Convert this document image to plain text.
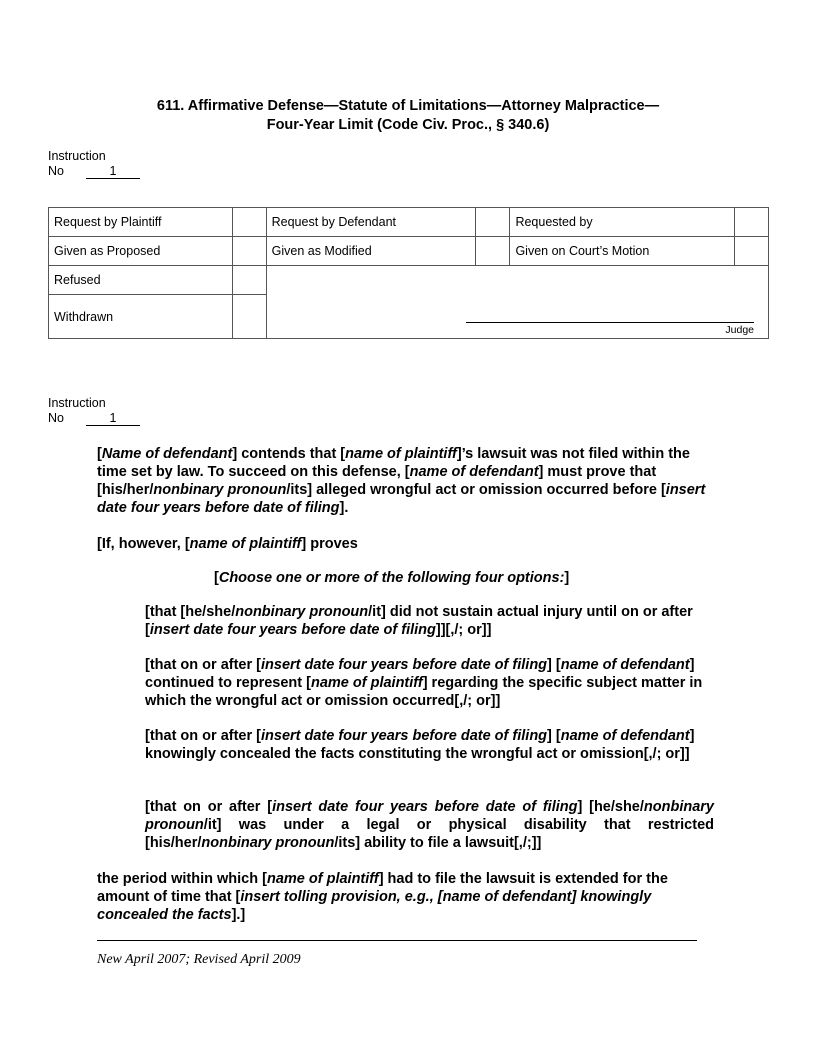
611. Affirmative Defense—Statute of Limitations—Attorney Malpractice—
Four-Year Limit (Code Civ. Proc., § 340.6)
Instruction
No	1
Request by Plaintiff		Request by Defendant		Requested by	
Given as Proposed		Given as Modified		Given on Court’s Motion	
Refused		Judge			

Withdrawn					
Instruction
No	1

[Name of defendant] contends that [name of plaintiff]’s lawsuit was not filed within the time set by law. To succeed on this defense, [name of defendant] must prove that [his/her/nonbinary pronoun/its] alleged wrongful act or omission occurred before [insert date four years before date of filing].

[If, however, [name of plaintiff] proves

[Choose one or more of the following four options:]

[that [he/she/nonbinary pronoun/it] did not sustain actual injury until on or after [insert date four years before date of filing]][,/; or]]

[that on or after [insert date four years before date of filing] [name of defendant] continued to represent [name of plaintiff] regarding the specific subject matter in which the wrongful act or omission occurred[,/; or]]

[that on or after [insert date four years before date of filing] [name of defendant] knowingly concealed the facts constituting the wrongful act or omission[,/; or]]

[that on or after [insert date four years before date of filing] [he/she/nonbinary pronoun/it] was under a legal or physical disability that restricted [his/her/nonbinary pronoun/its] ability to file a lawsuit[,/;]]

the period within which [name of plaintiff] had to file the lawsuit is extended for the amount of time that [insert tolling provision, e.g., [name of defendant] knowingly concealed the facts].]

New April 2007; Revised April 2009
